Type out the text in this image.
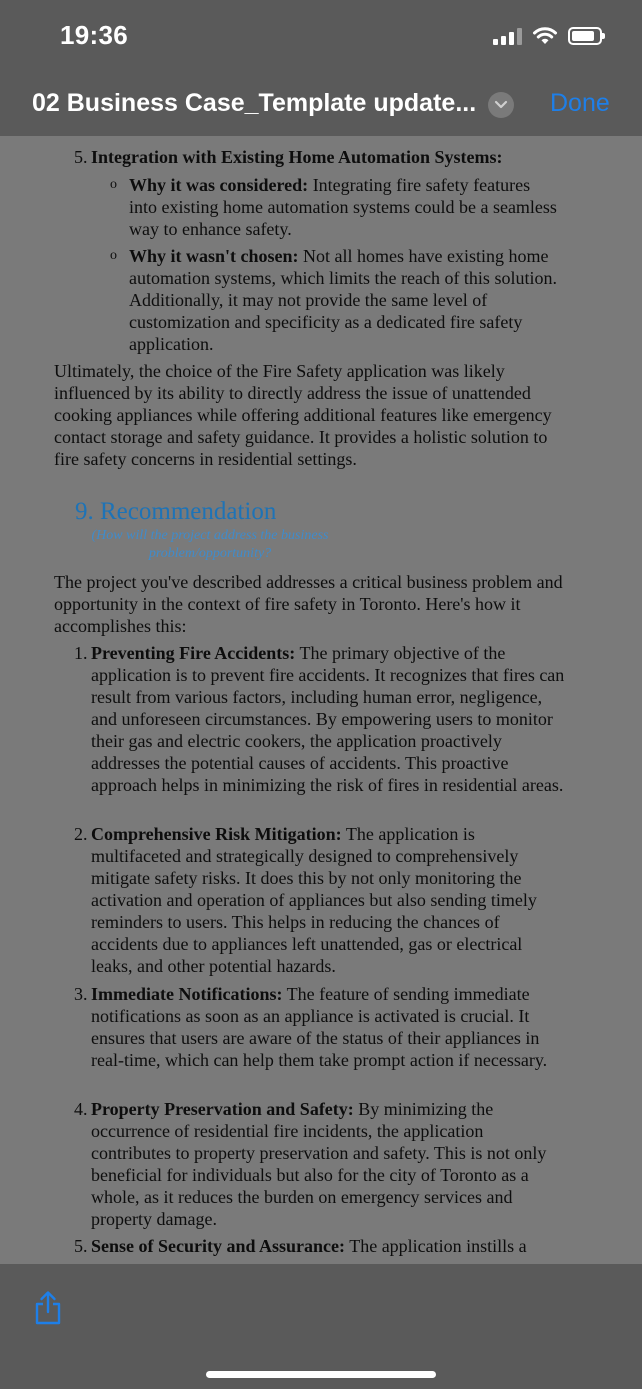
19:36
02 Business Case_Template update...	Done
5. Integration with Existing Home Automation Systems:
o Why it was considered: Integrating fire safety features into existing home automation systems could be a seamless way to enhance safety.
o Why it wasn't chosen: Not all homes have existing home automation systems, which limits the reach of this solution. Additionally, it may not provide the same level of customization and specificity as a dedicated fire safety application.

Ultimately, the choice of the Fire Safety application was likely influenced by its ability to directly address the issue of unattended cooking appliances while offering additional features like emergency contact storage and safety guidance. It provides a holistic solution to fire safety concerns in residential settings.

9. Recommendation
(How will the project address the business problem/opportunity?

The project you've described addresses a critical business problem and opportunity in the context of fire safety in Toronto. Here's how it accomplishes this:

1. Preventing Fire Accidents: The primary objective of the application is to prevent fire accidents. It recognizes that fires can result from various factors, including human error, negligence, and unforeseen circumstances. By empowering users to monitor their gas and electric cookers, the application proactively addresses the potential causes of accidents. This proactive approach helps in minimizing the risk of fires in residential areas.
2. Comprehensive Risk Mitigation: The application is multifaceted and strategically designed to comprehensively mitigate safety risks. It does this by not only monitoring the activation and operation of appliances but also sending timely reminders to users. This helps in reducing the chances of accidents due to appliances left unattended, gas or electrical leaks, and other potential hazards.
3. Immediate Notifications: The feature of sending immediate notifications as soon as an appliance is activated is crucial. It ensures that users are aware of the status of their appliances in real-time, which can help them take prompt action if necessary.
4. Property Preservation and Safety: By minimizing the occurrence of residential fire incidents, the application contributes to property preservation and safety. This is not only beneficial for individuals but also for the city of Toronto as a whole, as it reduces the burden on emergency services and property damage.
5. Sense of Security and Assurance: The application instills a
